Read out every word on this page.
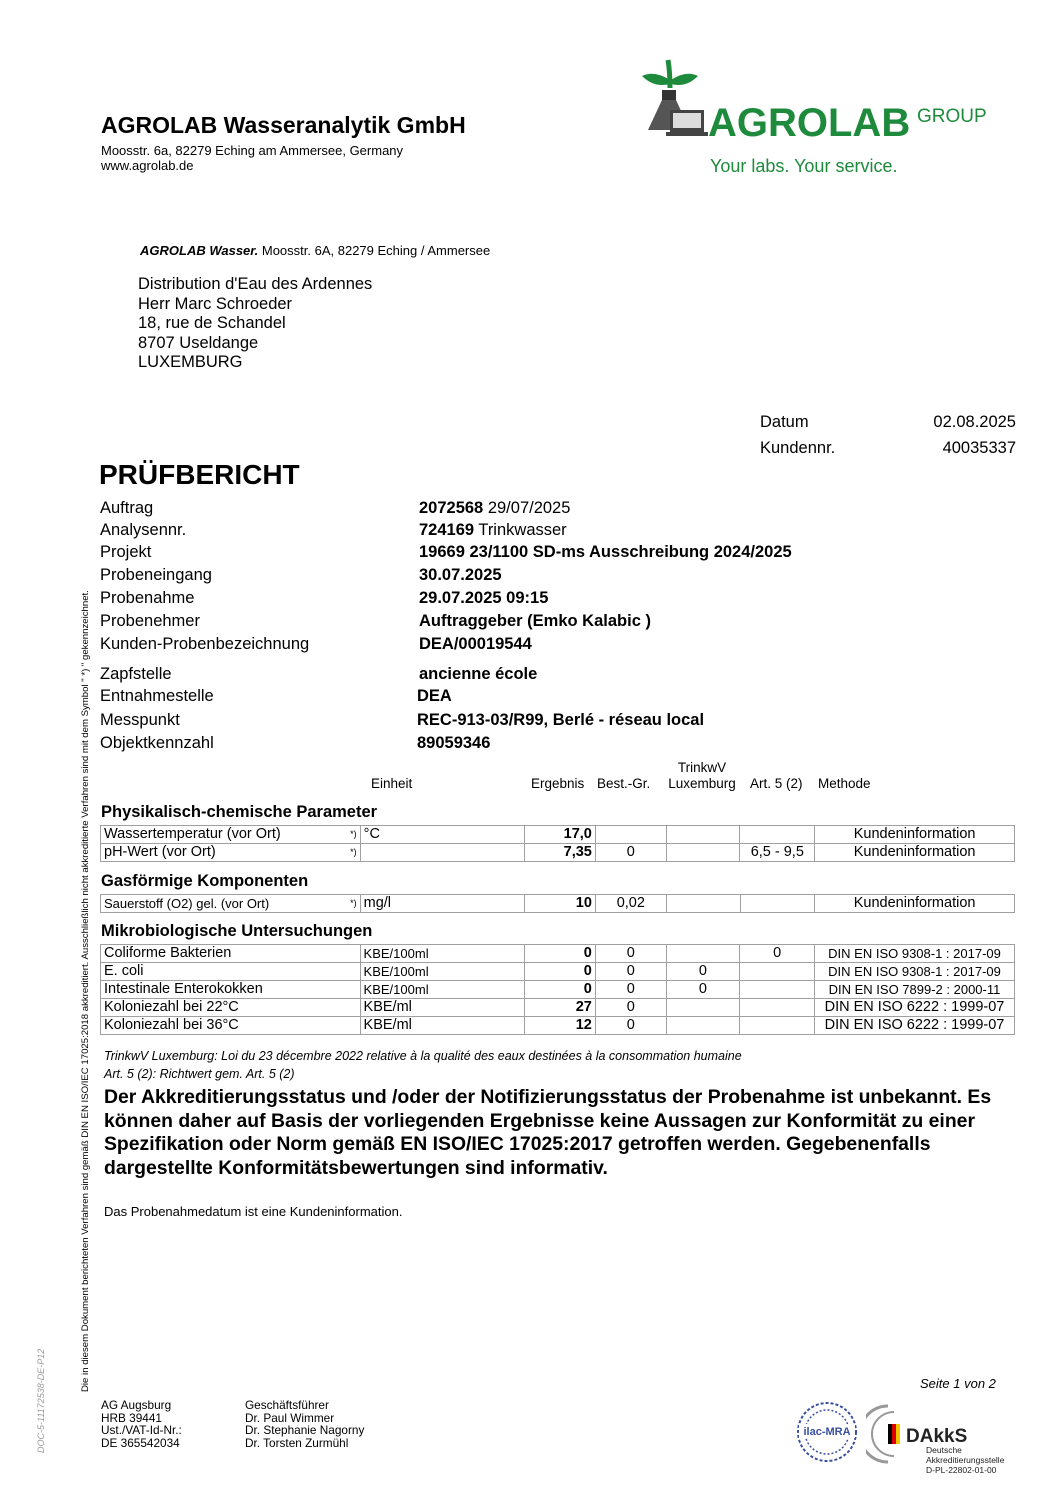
AGROLAB Wasseranalytik GmbH
Moosstr. 6a, 82279 Eching am Ammersee, Germany
www.agrolab.de
AGROLAB GROUP
Your labs. Your service.
AGROLAB Wasser. Moosstr. 6A, 82279 Eching / Ammersee
Distribution d'Eau des Ardennes
Herr Marc Schroeder
18, rue de Schandel
8707 Useldange
LUXEMBURG
Datum	02.08.2025
Kundennr.	40035337
PRÜFBERICHT
Auftrag	2072568 29/07/2025
Analysennr.	724169 Trinkwasser
Projekt	19669 23/1100 SD-ms Ausschreibung 2024/2025
Probeneingang	30.07.2025
Probenahme	29.07.2025 09:15
Probenehmer	Auftraggeber (Emko Kalabic )
Kunden-Probenbezeichnung	DEA/00019544
Zapfstelle	ancienne école
Entnahmestelle	DEA
Messpunkt	REC-913-03/R99, Berlé - réseau local
Objektkennzahl	89059346
Einheit	Ergebnis Best.-Gr.
TrinkwV
Luxemburg	Art. 5 (2) Methode
Physikalisch-chemische Parameter
Wassertemperatur (vor Ort) *)	°C	17,0				Kundeninformation
pH-Wert (vor Ort) *)		7,35	0		6,5 - 9,5	Kundeninformation
Gasförmige Komponenten
Sauerstoff (O2) gel. (vor Ort)	*)	mg/l	10	0,02			Kundeninformation
Mikrobiologische Untersuchungen
Coliforme Bakterien	KBE/100ml	0	0		0	DIN EN ISO 9308-1 : 2017-09
E. coli	KBE/100ml	0	0	0		DIN EN ISO 9308-1 : 2017-09
Intestinale Enterokokken	KBE/100ml	0	0	0		DIN EN ISO 7899-2 : 2000-11
Koloniezahl bei 22°C	KBE/ml	27	0			DIN EN ISO 6222 : 1999-07
Koloniezahl bei 36°C	KBE/ml	12	0			DIN EN ISO 6222 : 1999-07
TrinkwV Luxemburg: Loi du 23 décembre 2022 relative à la qualité des eaux destinées à la consommation humaine
Art. 5 (2): Richtwert gem. Art. 5 (2)
Der Akkreditierungsstatus und /oder der Notifizierungsstatus der Probenahme ist unbekannt. Es können daher auf Basis der vorliegenden Ergebnisse keine Aussagen zur Konformität zu einer Spezifikation oder Norm gemäß EN ISO/IEC 17025:2017 getroffen werden. Gegebenenfalls dargestellte Konformitätsbewertungen sind informativ.
Das Probenahmedatum ist eine Kundeninformation.
Die in diesem Dokument berichteten Verfahren sind gemäß DIN EN ISO/IEC 17025:2018 akkreditiert. Ausschließlich nicht akkreditierte Verfahren sind mit dem Symbol " *) " gekennzeichnet.
DOC-5-11172538-DE-P12	Seite 1 von 2
AG Augsburg
HRB 39441
Ust./VAT-Id-Nr.:
DE 365542034
Geschäftsführer
Dr. Paul Wimmer
Dr. Stephanie Nagorny
Dr. Torsten Zurmühl
ilac-MRA	DAkkS
Deutsche
Akkreditierungsstelle
D-PL-22802-01-00
